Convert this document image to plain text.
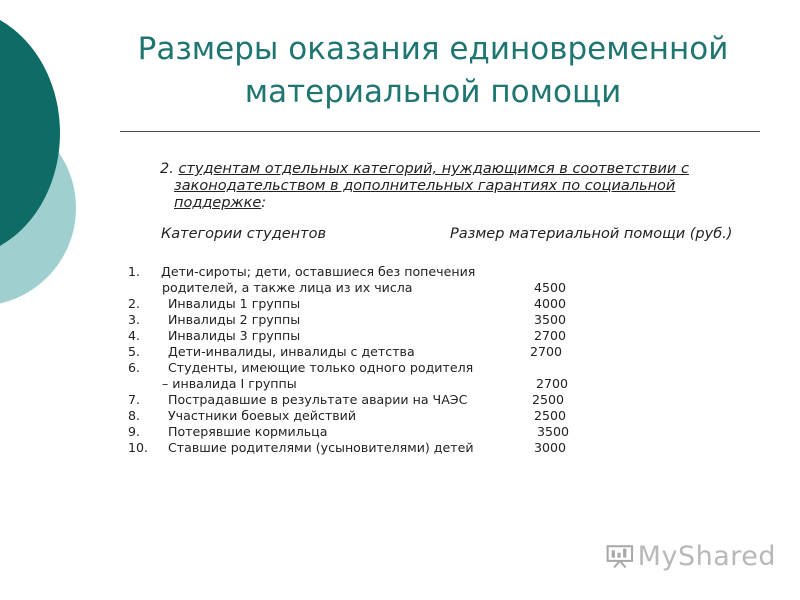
Размеры оказания единовременной
материальной помощи
2. студентам отдельных категорий, нуждающимся в соответствии с
законодательством в дополнительных гарантиях по социальной
поддержке:
Категории студентов	Размер материальной помощи (руб.)
1. Дети-сироты; дети, оставшиеся без попечения
родителей, а также лица из их числа	4500
2. Инвалиды 1 группы	4000
3. Инвалиды 2 группы	3500
4. Инвалиды 3 группы	2700
5. Дети-инвалиды, инвалиды с детства	2700
6. Студенты, имеющие только одного родителя
– инвалида I группы	2700
7. Пострадавшие в результате аварии на ЧАЭС	2500
8. Участники боевых действий	2500
9. Потерявшие кормильца	3500
10. Ставшие родителями (усыновителями) детей	3000
MyShared
